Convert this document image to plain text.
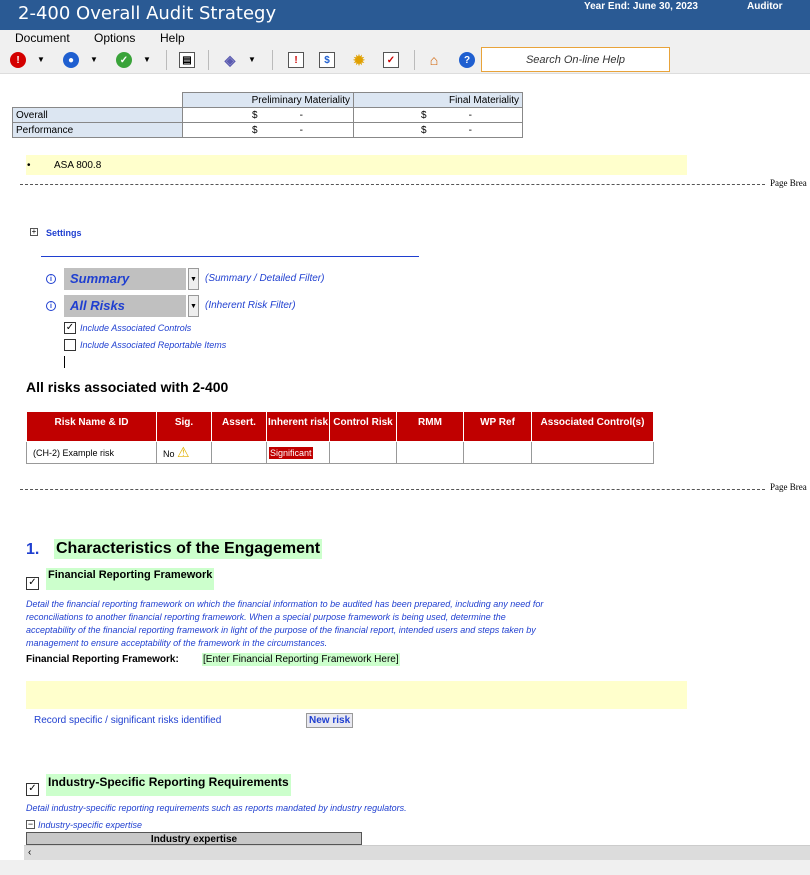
2-400 Overall Audit Strategy	Year End: June 30, 2023	Auditor
Document Options Help
!	▼	●	▼	✓	▼	▤ ◈	▼	!	$	✹	✓ ⌂	?	Search On-line Help
	Preliminary Materiality	Final Materiality
Overall	$ -	$ -
Performance	$ -	$ -
• ASA 800.8
Page Brea
+ Settings
i	Summary	▼ (Summary / Detailed Filter)
i	All Risks	▼ (Inherent Risk Filter)
✓ Include Associated Controls
Include Associated Reportable Items
All risks associated with 2-400
Risk Name & ID	Sig.	Assert.	Inherent risk	Control Risk	RMM	WP Ref	Associated Control(s)
(CH-2) Example risk	No ⚠		Significant				
Page Brea
1. Characteristics of the Engagement
✓
Financial Reporting Framework
Detail the financial reporting framework on which the financial information to be audited has been prepared, including any need for
reconciliations to another financial reporting framework. When a special purpose framework is being used, determine the
acceptability of the financial reporting framework in light of the purpose of the financial report, intended users and steps taken by
management to ensure acceptability of the framework in the circumstances.
Financial Reporting Framework: [Enter Financial Reporting Framework Here]
Record specific / significant risks identified	New risk
✓ Industry-Specific Reporting Requirements
Detail industry-specific reporting requirements such as reports mandated by industry regulators.
− Industry-specific expertise
Industry expertise
‹
